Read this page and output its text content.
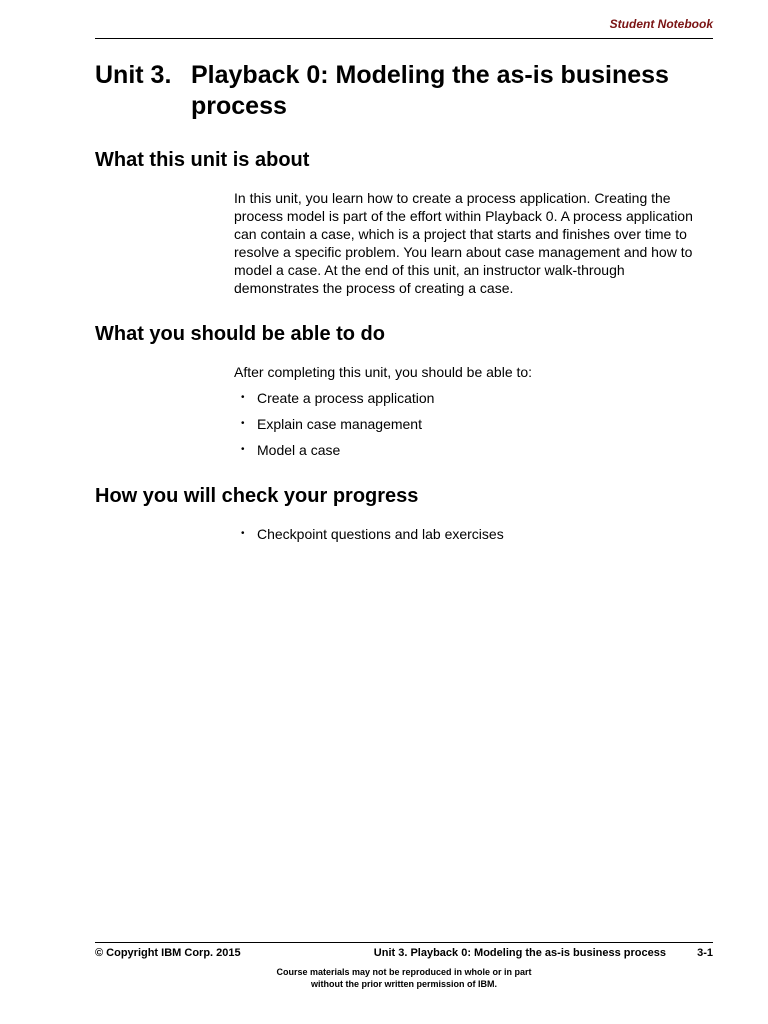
Student Notebook
Unit 3. Playback 0: Modeling the as-is business process
What this unit is about
In this unit, you learn how to create a process application. Creating the process model is part of the effort within Playback 0. A process application can contain a case, which is a project that starts and finishes over time to resolve a specific problem. You learn about case management and how to model a case. At the end of this unit, an instructor walk-through demonstrates the process of creating a case.
What you should be able to do
After completing this unit, you should be able to:
• Create a process application
• Explain case management
• Model a case
How you will check your progress
• Checkpoint questions and lab exercises
© Copyright IBM Corp. 2015	Unit 3. Playback 0: Modeling the as-is business process	3-1
Course materials may not be reproduced in whole or in part
without the prior written permission of IBM.
